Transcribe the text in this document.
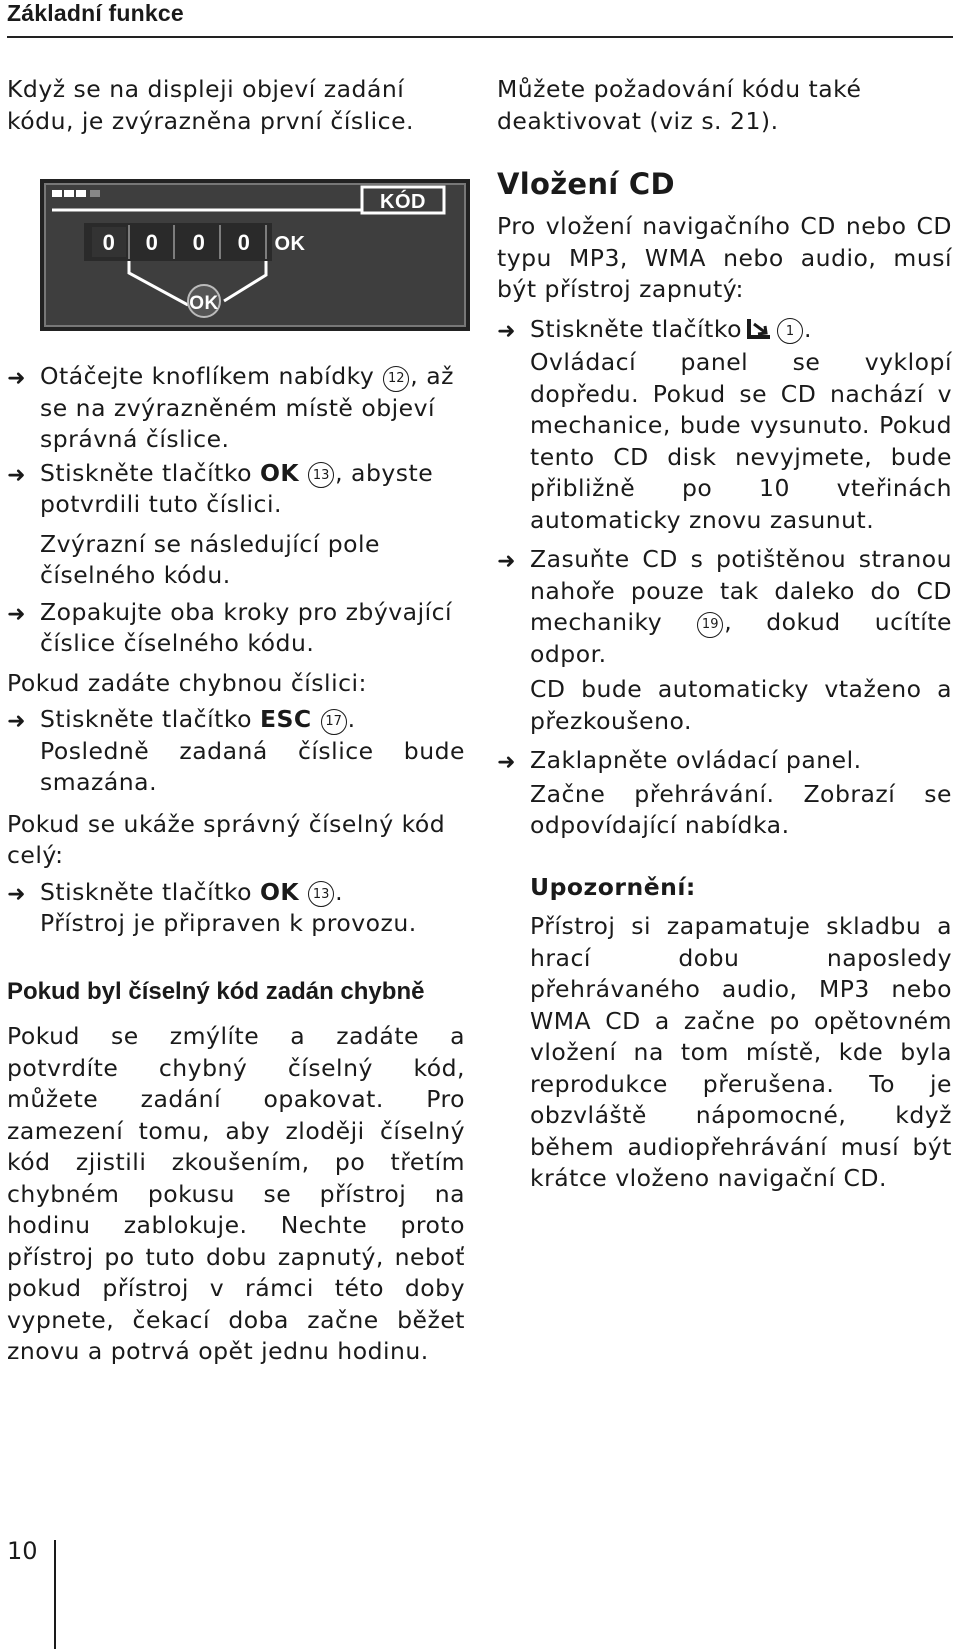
Základní funkce

Když se na displeji objeví zadání kódu, je zvýrazněna první číslice.

KÓD
0 0 0 0 OK
OK
➜ Otáčejte knoflíkem nabídky 12 , až se na zvýrazněném místě objeví správná číslice.
➜ Stiskněte tlačítko OK 13 , abyste potvrdili tuto číslici.

Zvýrazní se následující pole číselného kódu.

➜ Zopakujte oba kroky pro zbývající číslice číselného kódu.

Pokud zadáte chybnou číslici:

➜ Stiskněte tlačítko ESC 17 .

Posledně zadaná číslice bude smazána.

Pokud se ukáže správný číselný kód celý:

➜ Stiskněte tlačítko OK 13 .

Přístroj je připraven k provozu.

Pokud byl číselný kód zadán chybně

Pokud se zmýlíte a zadáte a potvrdíte chybný číselný kód, můžete zadání opakovat. Pro zamezení tomu, aby zloději číselný kód zjistili zkoušením, po třetím chybném pokusu se přístroj na hodinu zablokuje. Nechte proto přístroj po tuto dobu zapnutý, neboť pokud přístroj v rámci této doby vypnete, čekací doba začne běžet znovu a potrvá opět jednu hodinu.

Můžete požadování kódu také deaktivovat (viz s. 21).

Vložení CD

Pro vložení navigačního CD nebo CD typu MP3, WMA nebo audio, musí být přístroj zapnutý:

➜ Stiskněte tlačítko	1 .

Ovládací panel se vyklopí dopředu. Pokud se CD nachází v mechanice, bude vysunuto. Pokud tento CD disk nevyjmete, bude přibližně po 10 vteřinách automaticky znovu zasunut.

➜ Zasuňte CD s potištěnou stranou nahoře pouze tak daleko do CD mechaniky 19 , dokud ucítíte odpor.

CD bude automaticky vtaženo a přezkoušeno.

➜ Zaklapněte ovládací panel.

Začne přehrávání. Zobrazí se odpovídající nabídka.

Upozornění:

Přístroj si zapamatuje skladbu a hrací dobu naposledy přehrávaného audio, MP3 nebo WMA CD a začne po opětovném vložení na tom místě, kde byla reprodukce přerušena. To je obzvláště nápomocné, když během audiopřehrávání musí být krátce vloženo navigační CD.

10
